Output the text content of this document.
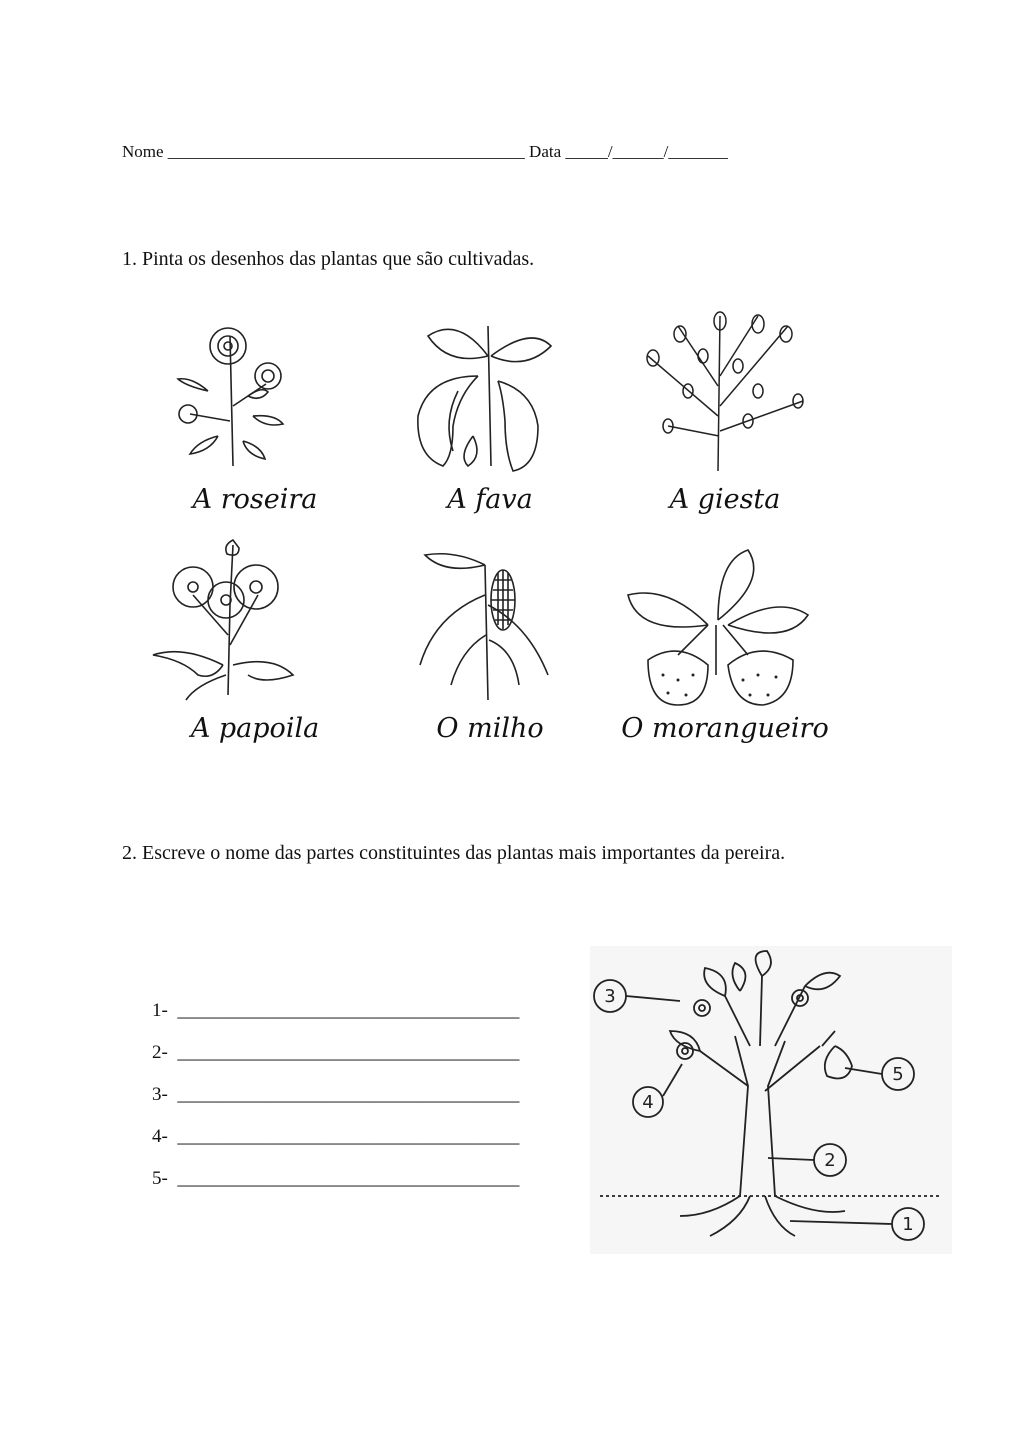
Nome __________________________________________ Data _____/______/_______
1. Pinta os desenhos das plantas que são cultivadas.
A roseira	A fava	A giesta
A papoila	O milho	O morangueiro
2. Escreve o nome das partes constituintes das plantas mais importantes da pereira.
1-  ____________________________________
2-  ____________________________________
3-  ____________________________________
4-  ____________________________________
5-  ____________________________________
1
2
3
4
5
